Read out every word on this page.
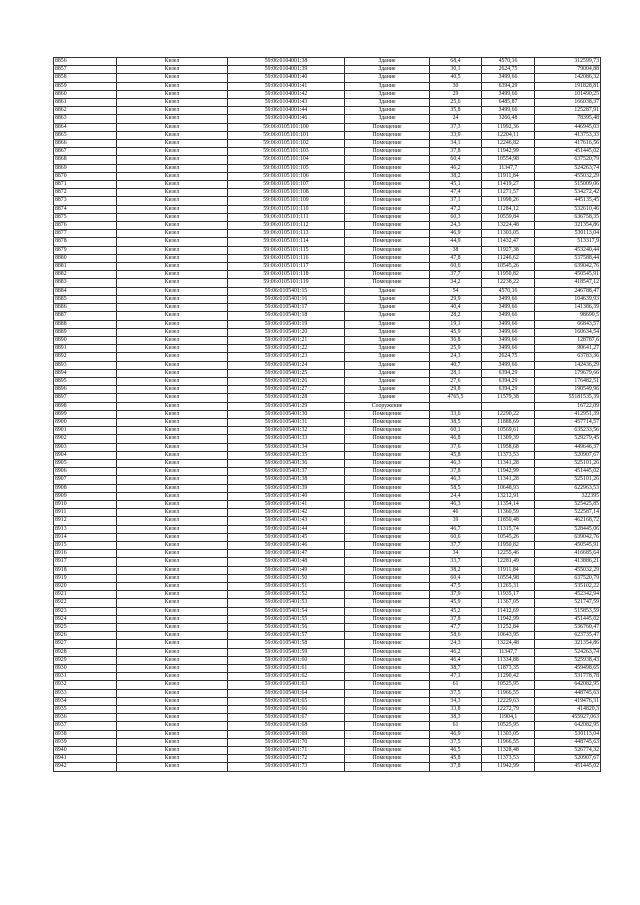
8856	Кизел	59:06:0104001:38	Здание	68,4	4570,16	312599,73
8857	Кизел	59:06:0104001:39	Здание	30,1	2624,75	79004,88
8858	Кизел	59:06:0104001:40	Здание	40,5	3499,66	142086,32
8859	Кизел	59:06:0104001:41	Здание	30	6394,29	191828,81
8860	Кизел	59:06:0104001:42	Здание	29	3499,66	101490,25
8861	Кизел	59:06:0104001:43	Здание	25,6	6485,87	166038,37
8862	Кизел	59:06:0104001:44	Здание	35,8	3499,66	125287,91
8863	Кизел	59:06:0104001:46	Здание	24	3266,48	78395,48
8864	Кизел	59:06:0105101:100	Помещение	37,3	11992,36	446945,03
8865	Кизел	59:06:0105101:101	Помещение	33,9	12204,11	413753,33
8866	Кизел	59:06:0105101:102	Помещение	34,1	12246,82	417616,56
8867	Кизел	59:06:0105101:103	Помещение	37,8	11942,99	451445,02
8868	Кизел	59:06:0105101:104	Помещение	60,4	10554,98	637520,79
8869	Кизел	59:06:0105101:105	Помещение	46,2	11347,7	524263,74
8870	Кизел	59:06:0105101:106	Помещение	38,2	11911,84	455032,29
8871	Кизел	59:06:0105101:107	Помещение	45,1	11419,27	515009,06
8872	Кизел	59:06:0105101:108	Помещение	47,4	11271,57	534272,42
8873	Кизел	59:06:0105101:109	Помещение	37,1	11998,26	445135,45
8874	Кизел	59:06:0105101:110	Помещение	47,2	11284,12	532610,46
8875	Кизел	59:06:0105101:111	Помещение	60,3	10559,84	636758,35
8876	Кизел	59:06:0105101:112	Помещение	24,3	13224,48	321354,86
8877	Кизел	59:06:0105101:113	Помещение	46,9	11303,05	530113,04
8878	Кизел	59:06:0105101:114	Помещение	44,9	11432,47	513317,9
8879	Кизел	59:06:0105101:115	Помещение	38	11927,38	453240,44
8880	Кизел	59:06:0105101:116	Помещение	47,8	11246,62	537588,44
8881	Кизел	59:06:0105101:117	Помещение	60,6	10545,26	639042,76
8882	Кизел	59:06:0105101:118	Помещение	37,7	11950,82	450545,91
8883	Кизел	59:06:0105101:119	Помещение	34,2	12238,22	418547,12
8884	Кизел	59:06:0105401:15	Здание	54	4570,16	246788,47
8885	Кизел	59:06:0105401:16	Здание	29,9	3499,66	104639,93
8886	Кизел	59:06:0105401:17	Здание	40,4	3499,66	141386,39
8887	Кизел	59:06:0105401:18	Здание	28,2	3499,66	98690,5
8888	Кизел	59:06:0105401:19	Здание	19,1	3499,66	66843,57
8889	Кизел	59:06:0105401:20	Здание	45,9	3499,66	160634,54
8890	Кизел	59:06:0105401:21	Здание	36,8	3499,66	128787,6
8891	Кизел	59:06:0105401:22	Здание	25,9	3499,66	90641,27
8892	Кизел	59:06:0105401:23	Здание	24,3	2624,75	63783,36
8893	Кизел	59:06:0105401:24	Здание	40,7	3499,66	142436,29
8894	Кизел	59:06:0105401:25	Здание	28,1	6394,29	179679,66
8895	Кизел	59:06:0105401:26	Здание	27,6	6394,29	176482,51
8896	Кизел	59:06:0105401:27	Здание	29,8	6394,29	190549,96
8897	Кизел	59:06:0105401:28	Здание	4765,5	11579,38	55181535,39
8898	Кизел	59:06:0105401:29	Сооружение			16722,09
8899	Кизел	59:06:0105401:30	Помещение	33,6	12290,22	412951,39
8900	Кизел	59:06:0105401:31	Помещение	38,5	11888,69	457714,57
8901	Кизел	59:06:0105401:32	Помещение	60,1	10569,61	635233,56
8902	Кизел	59:06:0105401:33	Помещение	46,8	11309,39	529279,45
8903	Кизел	59:06:0105401:34	Помещение	37,6	11958,68	449646,37
8904	Кизел	59:06:0105401:35	Помещение	45,8	11373,53	520907,67
8905	Кизел	59:06:0105401:36	Помещение	46,3	11341,28	525101,26
8906	Кизел	59:06:0105401:37	Помещение	37,8	11942,99	451445,02
8907	Кизел	59:06:0105401:38	Помещение	46,3	11341,28	525101,26
8908	Кизел	59:06:0105401:39	Помещение	58,5	10648,93	622963,53
8909	Кизел	59:06:0105401:40	Помещение	24,4	13212,91	322395
8910	Кизел	59:06:0105401:41	Помещение	46,3	11354,14	525425,85
8911	Кизел	59:06:0105401:42	Помещение	46	11360,59	522587,14
8912	Кизел	59:06:0105401:43	Помещение	39	11850,48	462168,72
8913	Кизел	59:06:0105401:44	Помещение	46,7	11315,74	528445,06
8914	Кизел	59:06:0105401:45	Помещение	60,6	10545,26	639042,76
8915	Кизел	59:06:0105401:46	Помещение	37,7	11950,82	450545,91
8916	Кизел	59:06:0105401:47	Помещение	34	12255,46	416685,64
8917	Кизел	59:06:0105401:48	Помещение	33,7	12281,49	413886,21
8918	Кизел	59:06:0105401:49	Помещение	38,2	11911,84	455032,29
8919	Кизел	59:06:0105401:50	Помещение	60,4	10554,98	637520,79
8920	Кизел	59:06:0105401:51	Помещение	47,5	11265,31	535102,22
8921	Кизел	59:06:0105401:52	Помещение	37,9	11935,17	452342,94
8922	Кизел	59:06:0105401:53	Помещение	45,9	11367,05	521747,59
8923	Кизел	59:06:0105401:54	Помещение	45,2	11412,69	515853,59
8924	Кизел	59:06:0105401:55	Помещение	37,8	11942,99	451445,02
8925	Кизел	59:06:0105401:56	Помещение	47,7	11252,84	536760,47
8926	Кизел	59:06:0105401:57	Помещение	58,6	10643,95	623735,47
8927	Кизел	59:06:0105401:58	Помещение	24,3	13224,48	321354,86
8928	Кизел	59:06:0105401:59	Помещение	46,2	11347,7	524263,74
8929	Кизел	59:06:0105401:60	Помещение	46,4	11334,88	525938,43
8930	Кизел	59:06:0105401:61	Помещение	38,7	11873,35	459498,65
8931	Кизел	59:06:0105401:62	Помещение	47,1	11290,42	531778,78
8932	Кизел	59:06:0105401:63	Помещение	61	10525,95	642082,95
8933	Кизел	59:06:0105401:64	Помещение	37,5	11966,55	448745,63
8934	Кизел	59:06:0105401:65	Помещение	34,3	12229,63	419476,31
8935	Кизел	59:06:0105401:66	Помещение	33,8	12272,79	414820,3
8936	Кизел	59:06:0105401:67	Помещение	38,3	11904,1	455927,063
8937	Кизел	59:06:0105401:68	Помещение	61	10525,95	642082,95
8938	Кизел	59:06:0105401:69	Помещение	46,9	11303,05	530113,04
8939	Кизел	59:06:0105401:70	Помещение	37,5	11966,55	448745,63
8940	Кизел	59:06:0105401:71	Помещение	46,5	11328,48	526774,32
8941	Кизел	59:06:0105401:72	Помещение	45,8	11373,53	520907,67
8942	Кизел	59:06:0105401:73	Помещение	37,8	11942,99	451445,02
